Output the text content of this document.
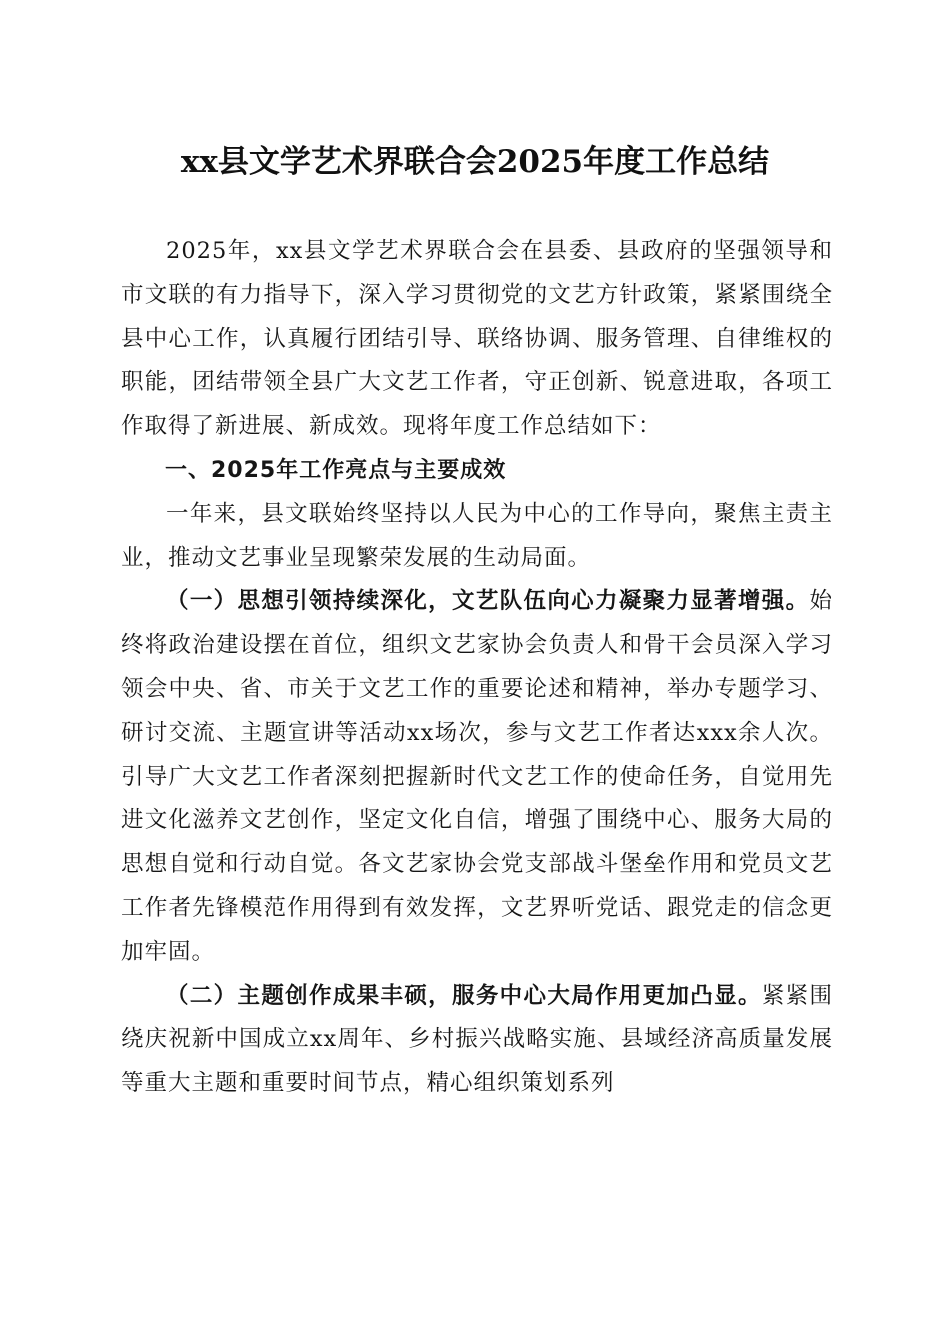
xx县文学艺术界联合会2025年度工作总结

2025年，xx县文学艺术界联合会在县委、县政府的坚强领导和市文联的有力指导下，深入学习贯彻党的文艺方针政策，紧紧围绕全县中心工作，认真履行团结引导、联络协调、服务管理、自律维权的职能，团结带领全县广大文艺工作者，守正创新、锐意进取，各项工作取得了新进展、新成效。现将年度工作总结如下：

一、2025年工作亮点与主要成效

一年来，县文联始终坚持以人民为中心的工作导向，聚焦主责主业，推动文艺事业呈现繁荣发展的生动局面。

（一）思想引领持续深化，文艺队伍向心力凝聚力显著增强。始终将政治建设摆在首位，组织文艺家协会负责人和骨干会员深入学习领会中央、省、市关于文艺工作的重要论述和精神，举办专题学习、研讨交流、主题宣讲等活动xx场次，参与文艺工作者达xxx余人次。引导广大文艺工作者深刻把握新时代文艺工作的使命任务，自觉用先进文化滋养文艺创作，坚定文化自信，增强了围绕中心、服务大局的思想自觉和行动自觉。各文艺家协会党支部战斗堡垒作用和党员文艺工作者先锋模范作用得到有效发挥，文艺界听党话、跟党走的信念更加牢固。

（二）主题创作成果丰硕，服务中心大局作用更加凸显。紧紧围绕庆祝新中国成立xx周年、乡村振兴战略实施、县域经济高质量发展等重大主题和重要时间节点，精心组织策划系列
